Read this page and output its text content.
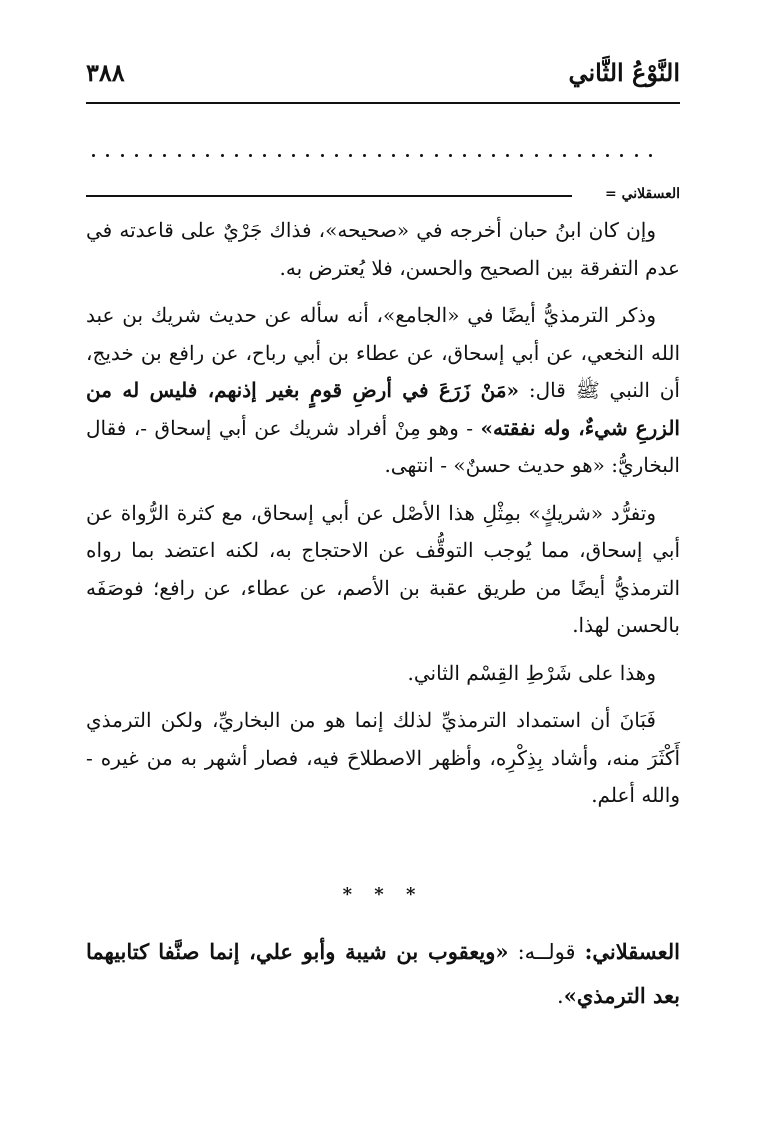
النَّوْعُ الثَّاني
٣٨٨
العسقلاني =

وإن كان ابنُ حبان أخرجه في «صحيحه»، فذاك جَرْيٌ على قاعدته في عدم التفرقة بين الصحيح والحسن، فلا يُعترض به.

وذكر الترمذيُّ أيضًا في «الجامع»، أنه سأله عن حديث شريك بن عبد الله النخعي، عن أبي إسحاق، عن عطاء بن أبي رباح، عن رافع بن خديج، أن النبي ﷺ قال: «مَنْ زَرَعَ في أرضِ قومٍ بغير إذنهم، فليس له من الزرعِ شيءٌ، وله نفقته» - وهو مِنْ أفراد شريك عن أبي إسحاق -، فقال البخاريُّ: «هو حديث حسنٌ» - انتهى.

وتفرُّد «شريكٍ» بمِثْلِ هذا الأصْل عن أبي إسحاق، مع كثرة الرُّواة عن أبي إسحاق، مما يُوجب التوقُّف عن الاحتجاج به، لكنه اعتضد بما رواه الترمذيُّ أيضًا من طريق عقبة بن الأصم، عن عطاء، عن رافع؛ فوصَفَه بالحسن لهذا.

وهذا على شَرْطِ القِسْم الثاني.

فَبَانَ أن استمداد الترمذيِّ لذلك إنما هو من البخاريِّ، ولكن الترمذي أَكْثَرَ منه، وأشاد بِذِكْرِه، وأظهر الاصطلاحَ فيه، فصار أشهر به من غيره - والله أعلم.

* * *

العسقلاني: قولـ‍ـه: «ويعقوب بن شيبة وأبو علي، إنما صنَّفا كتابيهما بعد الترمذي».
